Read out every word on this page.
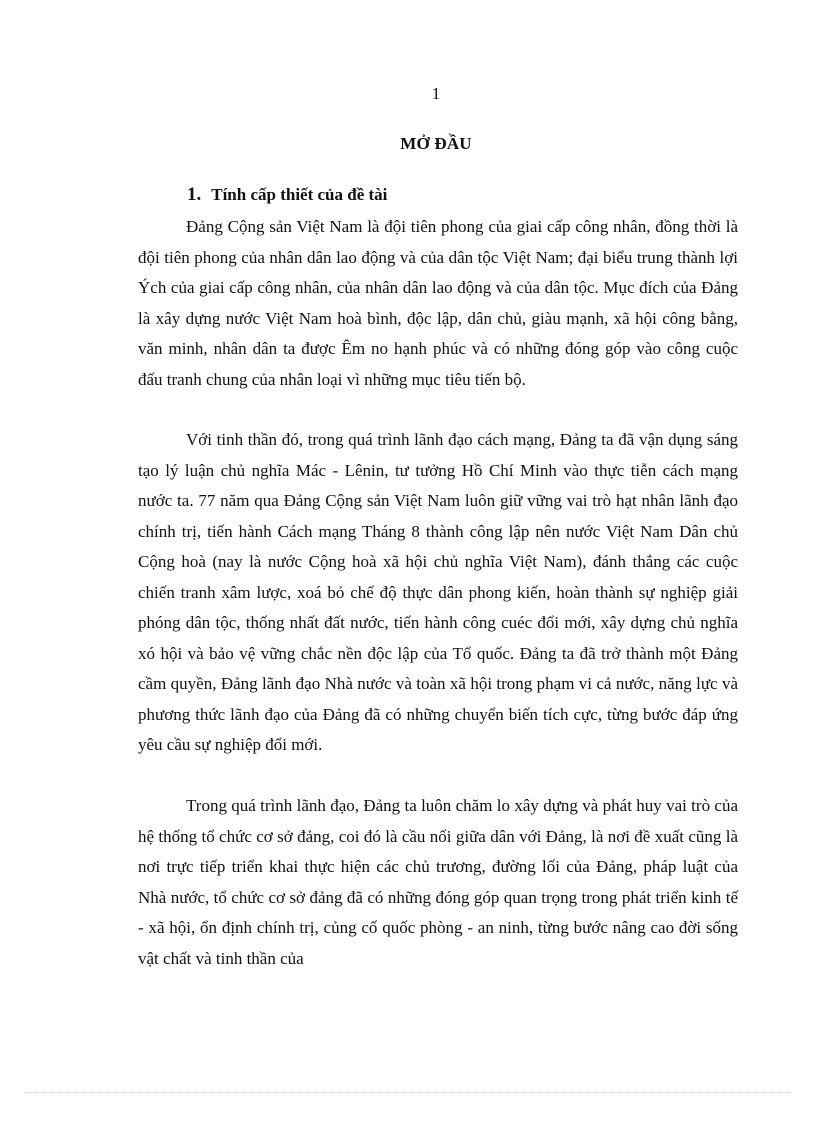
1
MỞ ĐẦU
1. Tính cấp thiết của đề tài

Đảng Cộng sản Việt Nam là đội tiên phong của giai cấp công nhân, đồng thời là đội tiên phong của nhân dân lao động và của dân tộc Việt Nam; đại biểu trung thành lợi Ých của giai cấp công nhân, của nhân dân lao động và của dân tộc. Mục đích của Đảng là xây dựng nước Việt Nam hoà bình, độc lập, dân chủ, giàu mạnh, xã hội công bằng, văn minh, nhân dân ta được Êm no hạnh phúc và có những đóng góp vào công cuộc đấu tranh chung của nhân loại vì những mục tiêu tiến bộ.

Với tinh thần đó, trong quá trình lãnh đạo cách mạng, Đảng ta đã vận dụng sáng tạo lý luận chủ nghĩa Mác - Lênin, tư tưởng Hồ Chí Minh vào thực tiễn cách mạng nước ta. 77 năm qua Đảng Cộng sản Việt Nam luôn giữ vững vai trò hạt nhân lãnh đạo chính trị, tiến hành Cách mạng Tháng 8 thành công lập nên nước Việt Nam Dân chủ Cộng hoà (nay là nước Cộng hoà xã hội chủ nghĩa Việt Nam), đánh thắng các cuộc chiến tranh xâm lược, xoá bỏ chế độ thực dân phong kiến, hoàn thành sự nghiệp giải phóng dân tộc, thống nhất đất nước, tiến hành công cuéc đổi mới, xây dựng chủ nghĩa xó hội và bảo vệ vững chắc nền độc lập của Tổ quốc. Đảng ta đã trở thành một Đảng cầm quyền, Đảng lãnh đạo Nhà nước và toàn xã hội trong phạm vi cả nước, năng lực và phương thức lãnh đạo của Đảng đã có những chuyển biến tích cực, từng bước đáp ứng yêu cầu sự nghiệp đổi mới.

Trong quá trình lãnh đạo, Đảng ta luôn chăm lo xây dựng và phát huy vai trò của hệ thống tổ chức cơ sở đảng, coi đó là cầu nối giữa dân với Đảng, là nơi đề xuất cũng là nơi trực tiếp triển khai thực hiện các chủ trương, đường lối của Đảng, pháp luật của Nhà nước, tổ chức cơ sở đảng đã có những đóng góp quan trọng trong phát triển kinh tế - xã hội, ổn định chính trị, củng cố quốc phòng - an ninh, từng bước nâng cao đời sống vật chất và tinh thần của
